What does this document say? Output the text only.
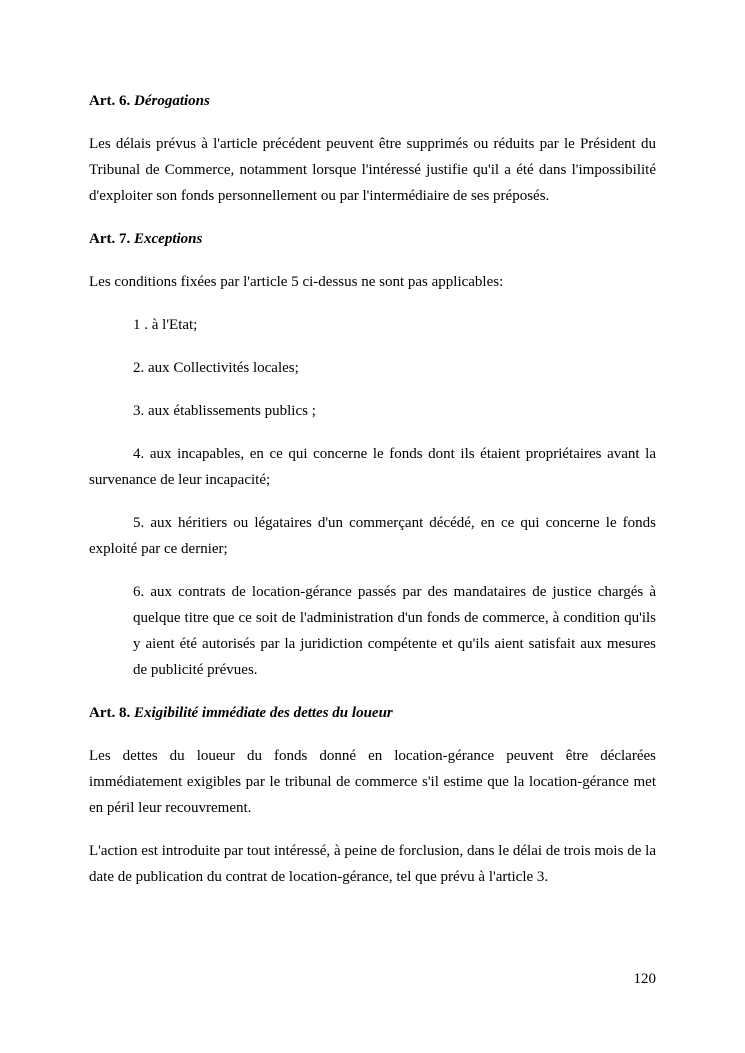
Art. 6. Dérogations

Les délais prévus à l'article précédent peuvent être supprimés ou réduits par le Président du Tribunal de Commerce, notamment lorsque l'intéressé justifie qu'il a été dans l'impossibilité d'exploiter son fonds personnellement ou par l'intermédiaire de ses préposés.

Art. 7. Exceptions

Les conditions fixées par l'article 5 ci-dessus ne sont pas applicables:

1 . à l'Etat;

2. aux Collectivités locales;

3. aux établissements publics ;

4. aux incapables, en ce qui concerne le fonds dont ils étaient propriétaires avant la survenance de leur incapacité;

5. aux héritiers ou légataires d'un commerçant décédé, en ce qui concerne le fonds exploité par ce dernier;

6. aux contrats de location-gérance passés par des mandataires de justice chargés à quelque titre que ce soit de l'administration d'un fonds de commerce, à condition qu'ils y aient été autorisés par la juridiction compétente et qu'ils aient satisfait aux mesures de publicité prévues.

Art. 8. Exigibilité immédiate des dettes du loueur

Les dettes du loueur du fonds donné en location-gérance peuvent être déclarées immédiatement exigibles par le tribunal de commerce s'il estime que la location-gérance met en péril leur recouvrement.

L'action est introduite par tout intéressé, à peine de forclusion, dans le délai de trois mois de la date de publication du contrat de location-gérance, tel que prévu à l'article 3.

120
